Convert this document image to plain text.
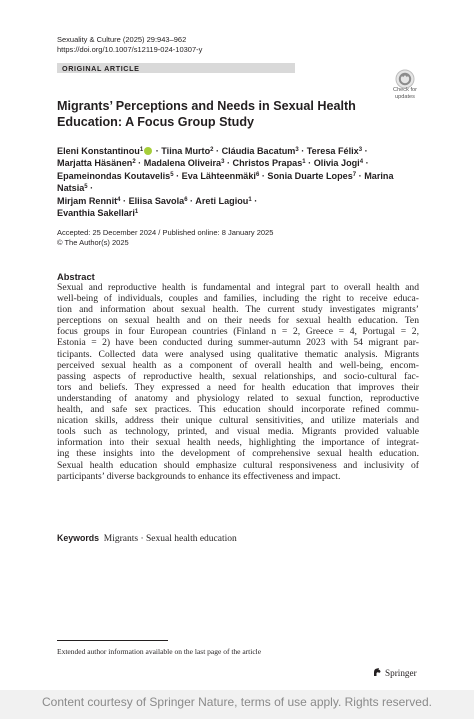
Sexuality & Culture (2025) 29:943–962
https://doi.org/10.1007/s12119-024-10307-y
ORIGINAL ARTICLE
Check for
updates
Migrants’ Perceptions and Needs in Sexual Health Education: A Focus Group Study
Eleni Konstantinou$^1$ · Tiina Murto$^2$ · Cláudia Bacatum$^3$ · Teresa Félix$^3$ ·
Marjatta Häsänen$^2$ · Madalena Oliveira$^3$ · Christos Prapas$^1$ · Olivia Jogi$^4$ ·
Epameinondas Koutavelis$^5$ · Eva Lähteenmäki$^6$ · Sonia Duarte Lopes$^7$ · Marina Natsia$^5$ ·
Mirjam Rennit$^4$ · Eliisa Savola$^6$ · Areti Lagiou$^1$ ·
Evanthia Sakellari$^1$
Accepted: 25 December 2024 / Published online: 8 January 2025
© The Author(s) 2025
Abstract
Sexual and reproductive health is fundamental and integral part to overall health and
well-being of individuals, couples and families, including the right to receive educa-
tion and information about sexual health. The current study investigates migrants’
perceptions on sexual health and on their needs for sexual health education. Ten
focus groups in four European countries (Finland n = 2, Greece = 4, Portugal = 2,
Estonia = 2) have been conducted during summer-autumn 2023 with 54 migrant par-
ticipants. Collected data were analysed using qualitative thematic analysis. Migrants
perceived sexual health as a component of overall health and well-being, encom-
passing aspects of reproductive health, sexual relationships, and socio-cultural fac-
tors and beliefs. They expressed a need for health education that improves their
understanding of anatomy and physiology related to sexual function, reproductive
health, and safe sex practices. This education should incorporate refined commu-
nication skills, address their unique cultural sensitivities, and utilize materials and
tools such as technology, printed, and visual media. Migrants provided valuable
information into their sexual health needs, highlighting the importance of integrat-
ing these insights into the development of comprehensive sexual health education.
Sexual health education should emphasize cultural responsiveness and inclusivity of
participants’ diverse backgrounds to enhance its effectiveness and impact.
Keywords Migrants · Sexual health education
Extended author information available on the last page of the article
Springer
Content courtesy of Springer Nature, terms of use apply. Rights reserved.
